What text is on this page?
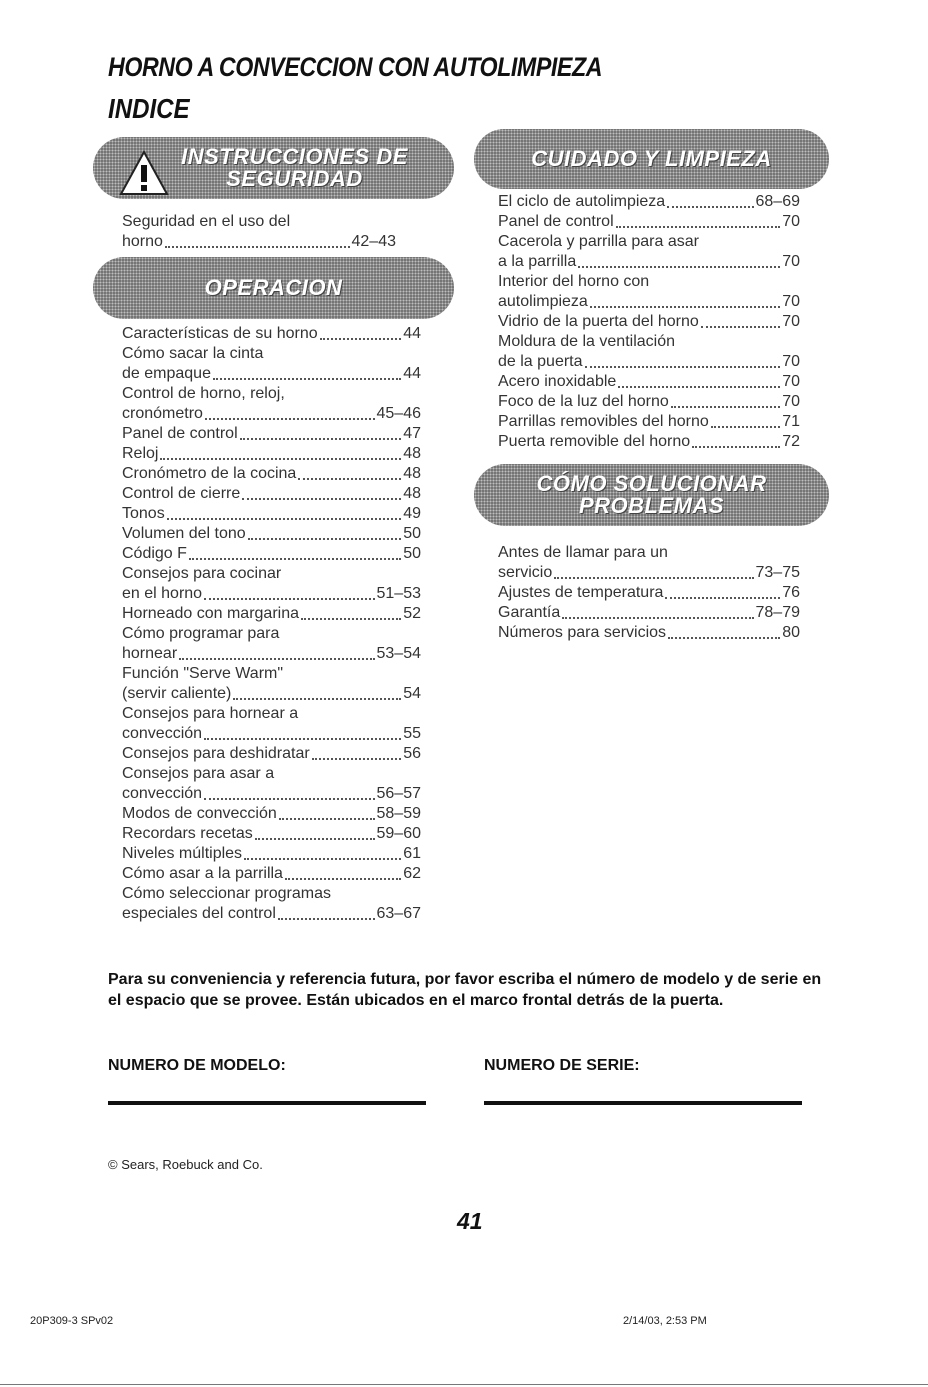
HORNO A CONVECCION CON AUTOLIMPIEZA
INDICE
INSTRUCCIONES DE
SEGURIDAD
Seguridad en el uso del
horno	42–43
OPERACION
Características de su horno	44
Cómo sacar la cinta
de empaque	44
Control de horno, reloj,
cronómetro	45–46
Panel de control	47
Reloj	48
Cronómetro de la cocina	48
Control de cierre	48
Tonos	49
Volumen del tono	50
Código F	50
Consejos para cocinar
en el horno	51–53
Horneado con margarina	52
Cómo programar para
hornear	53–54
Función "Serve Warm"
(servir caliente)	54
Consejos para hornear a
convección	55
Consejos para deshidratar	56
Consejos para asar a
convección	56–57
Modos de convección	58–59
Recordars recetas	59–60
Niveles múltiples	61
Cómo asar a la parrilla	62
Cómo seleccionar programas
especiales del control	63–67
CUIDADO Y LIMPIEZA
El ciclo de autolimpieza	68–69
Panel de control	70
Cacerola y parrilla para asar
a la parrilla	70
Interior del horno con
autolimpieza	70
Vidrio de la puerta del horno	70
Moldura de la ventilación
de la puerta	70
Acero inoxidable	70
Foco de la luz del horno	70
Parrillas removibles del horno	71
Puerta removible del horno	72
CÓMO SOLUCIONAR
PROBLEMAS
Antes de llamar para un
servicio	73–75
Ajustes de temperatura	76
Garantía	78–79
Números para servicios	80

Para su conveniencia y referencia futura, por favor escriba el número de modelo y de serie en el espacio que se provee. Están ubicados en el marco frontal detrás de la puerta.

NUMERO DE MODELO:	NUMERO DE SERIE:

© Sears, Roebuck and Co.
41
20P309-3 SPv02	2/14/03, 2:53 PM
